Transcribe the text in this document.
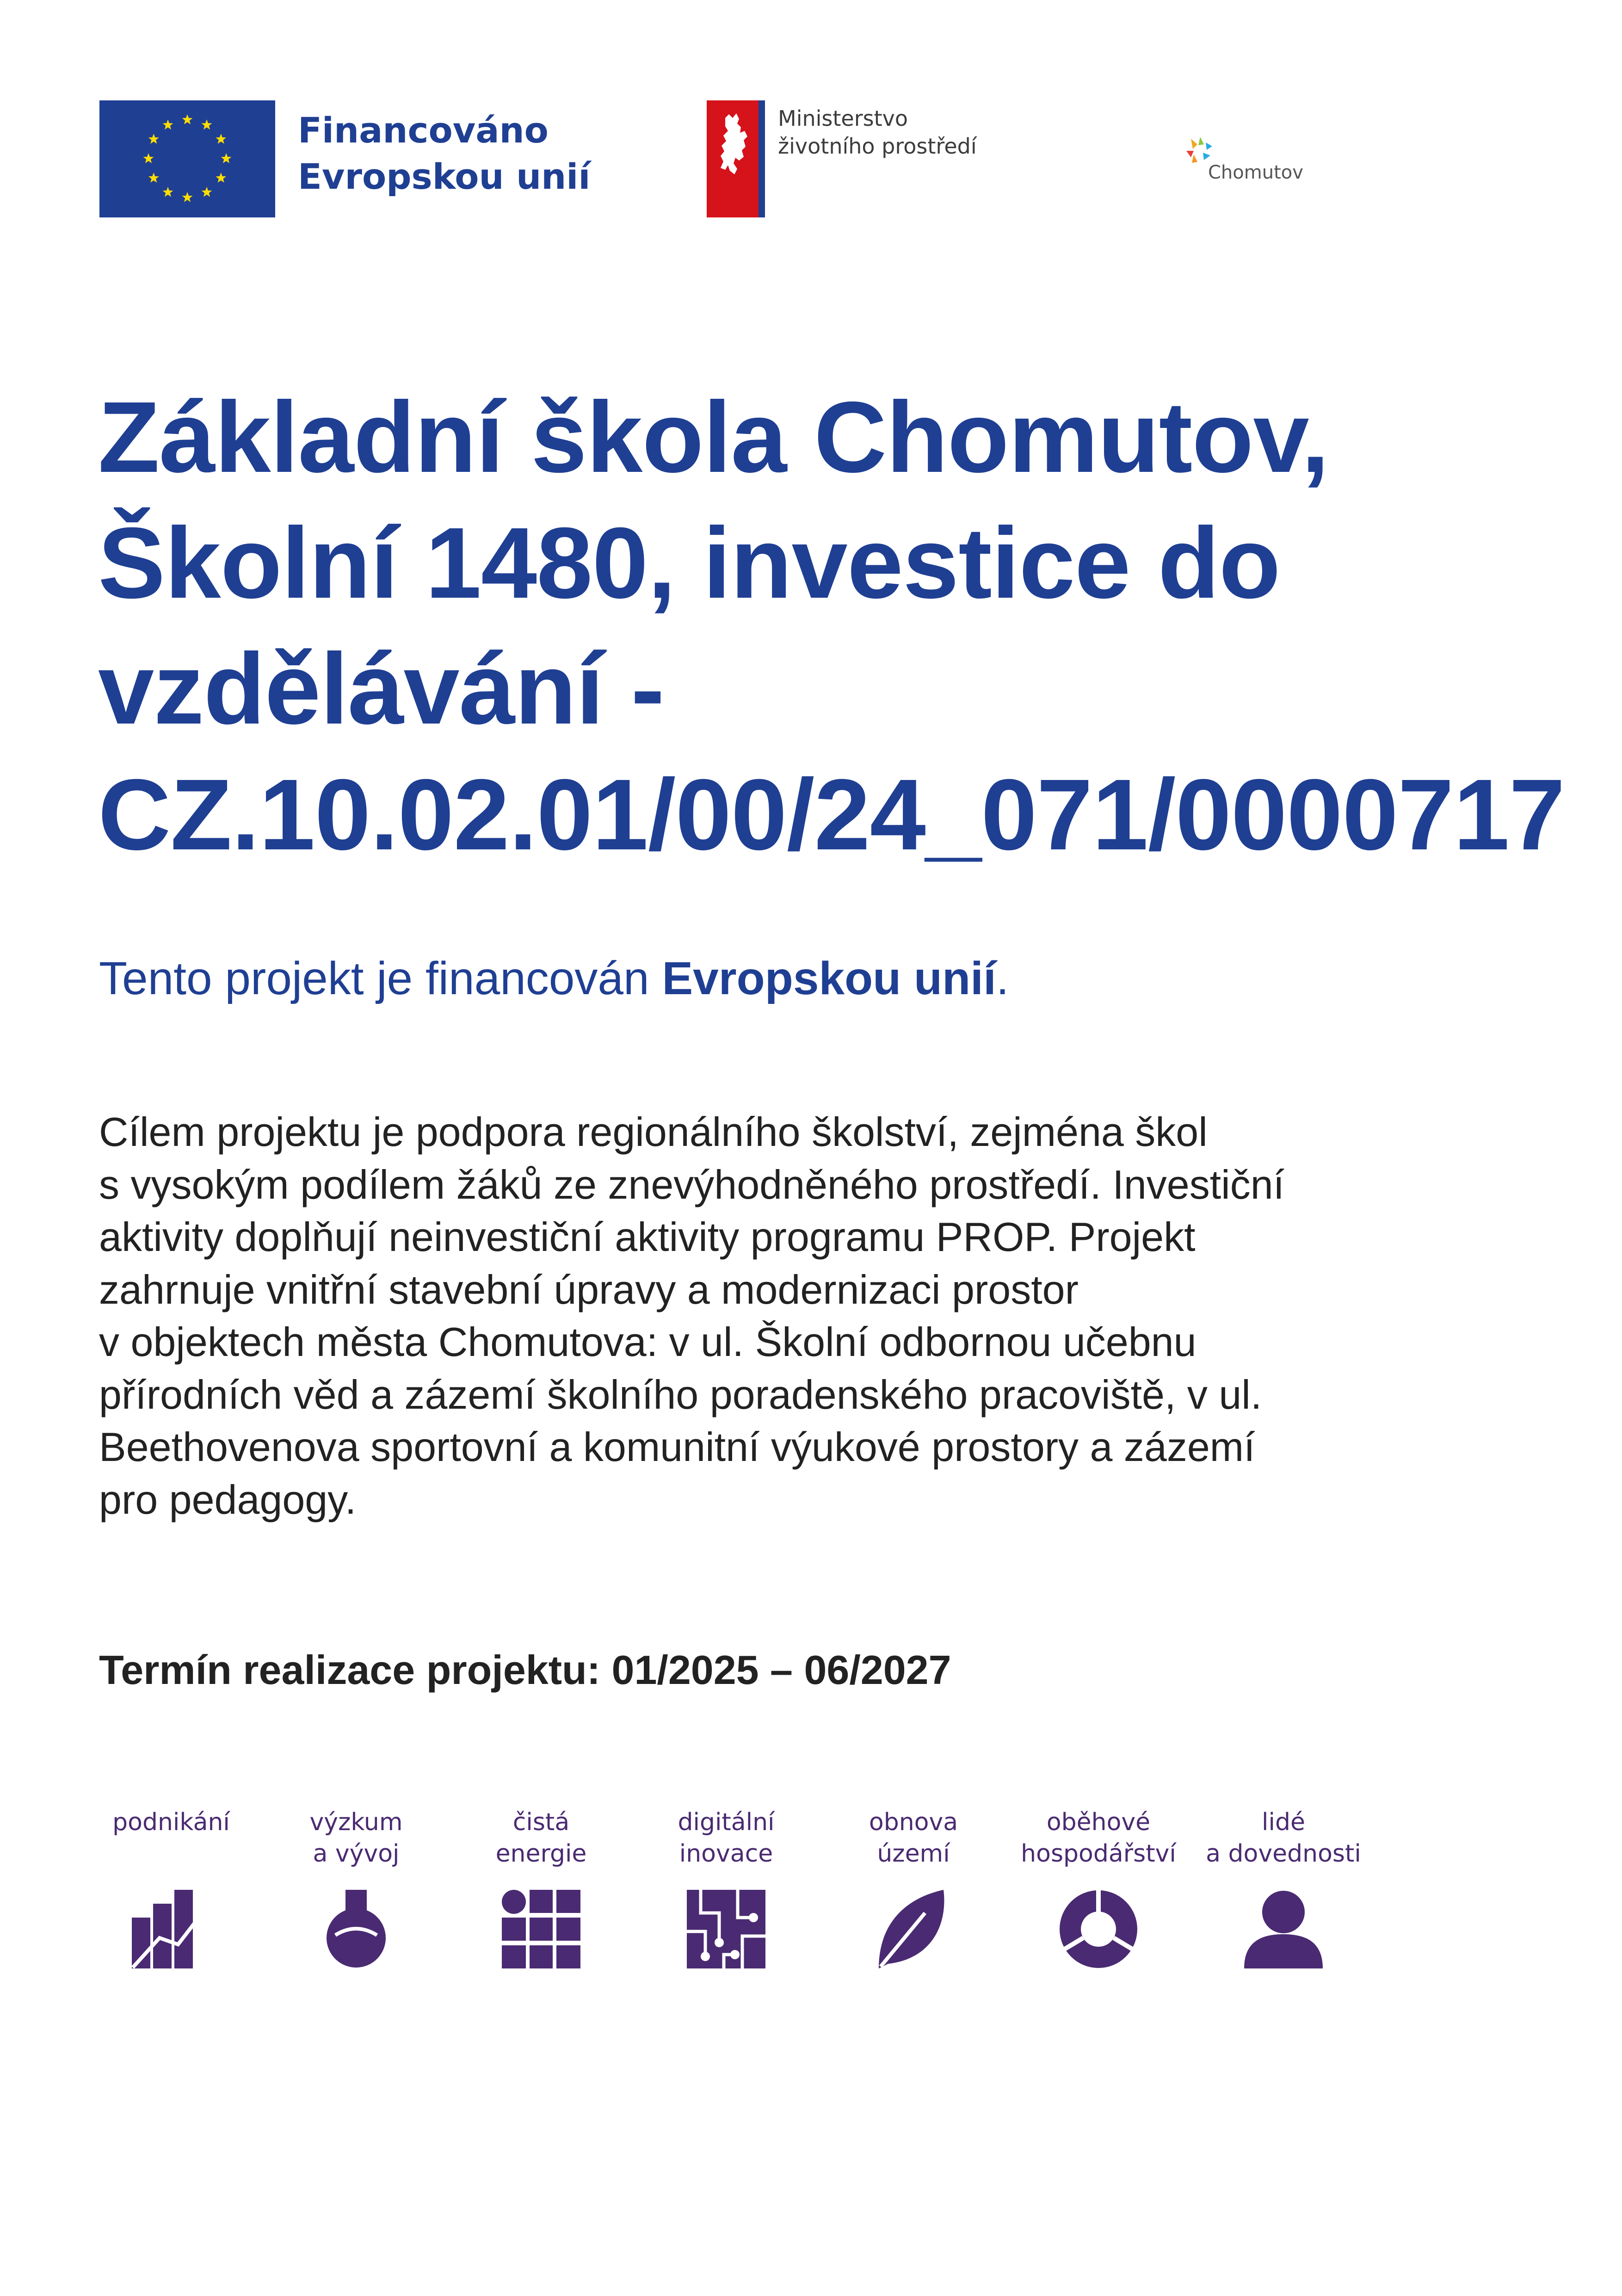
Financováno
Evropskou unií
Ministerstvo
životního prostředí
Chomutov
Základní škola Chomutov,
Školní 1480, investice do
vzdělávání -
CZ.10.02.01/00/24_071/0000717

Tento projekt je financován Evropskou unií.

Cílem projektu je podpora regionálního školství, zejména škol
s vysokým podílem žáků ze znevýhodněného prostředí. Investiční
aktivity doplňují neinvestiční aktivity programu PROP. Projekt
zahrnuje vnitřní stavební úpravy a modernizaci prostor
v objektech města Chomutova: v ul. Školní odbornou učebnu
přírodních věd a zázemí školního poradenského pracoviště, v ul.
Beethovenova sportovní a komunitní výukové prostory a zázemí
pro pedagogy.

Termín realizace projektu: 01/2025 – 06/2027

podnikání	výzkum
a vývoj
čistá
energie
digitální
inovace
obnova
území
oběhové
hospodářství
lidé
a dovednosti
